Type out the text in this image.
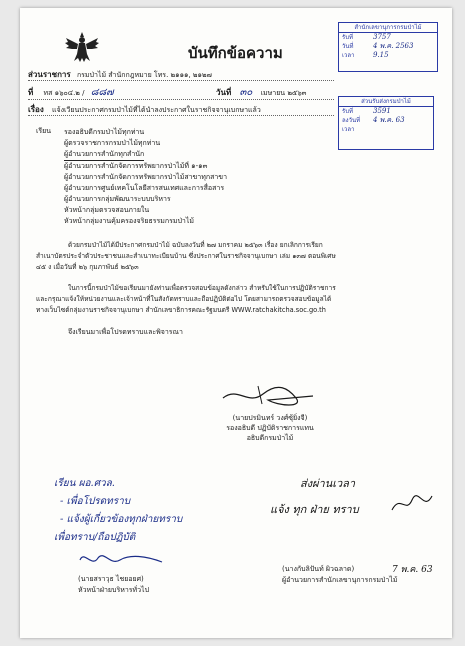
บันทึกข้อความ
สำนักเลขานุการกรมป่าไม้
รับที่	3757
วันที่	4 พ.ค. 2563
เวลา	9.15
ส่วนราชการ กรมป่าไม้ สำนักกฎหมาย โทร. ๒๑๑๑, ๒๑๒๗
ที่ ทส ๑๖๐๔.๒ / ๘๘๗	วันที่ ๓๐ เมษายน ๒๕๖๓
เรื่อง แจ้งเวียนประกาศกรมป่าไม้ที่ได้นำลงประกาศในราชกิจจานุเบกษาแล้ว
ส่วนรับส่งกรมป่าไม้
รับที่	3591
ลงวันที่ 4 พ.ค. 63
เวลา
เรียน รองอธิบดีกรมป่าไม้ทุกท่าน
ผู้ตรวจราชการกรมป่าไม้ทุกท่าน
ผู้อำนวยการสำนักทุกสำนัก
ผู้อำนวยการสำนักจัดการทรัพยากรป่าไม้ที่ ๑-๑๓
ผู้อำนวยการสำนักจัดการทรัพยากรป่าไม้สาขาทุกสาขา
ผู้อำนวยการศูนย์เทคโนโลยีสารสนเทศและการสื่อสาร
ผู้อำนวยการกลุ่มพัฒนาระบบบริหาร
หัวหน้ากลุ่มตรวจสอบภายใน
หัวหน้ากลุ่มงานคุ้มครองจริยธรรมกรมป่าไม้
ด้วยกรมป่าไม้ได้มีประกาศกรมป่าไม้ ฉบับลงวันที่ ๒๗ มกราคม ๒๕๖๓ เรื่อง ยกเลิกการเรียก
สำเนาบัตรประจำตัวประชาชนและสำเนาทะเบียนบ้าน ซึ่งประกาศในราชกิจจานุเบกษา เล่ม ๑๓๗ ตอนพิเศษ
๔๕ ง เมื่อวันที่ ๒๖ กุมภาพันธ์ ๒๕๖๓
ในการนี้กรมป่าไม้ขอเรียนมายังท่านเพื่อตรวจสอบข้อมูลดังกล่าว สำหรับใช้ในการปฏิบัติราชการ
และกรุณาแจ้งให้หน่วยงานและเจ้าหน้าที่ในสังกัดทราบและถือปฏิบัติต่อไป โดยสามารถตรวจสอบข้อมูลได้
ทางเว็บไซต์กลุ่มงานราชกิจจานุเบกษา สำนักเลขาธิการคณะรัฐมนตรี WWW.ratchakitcha.soc.go.th
จึงเรียนมาเพื่อโปรดทราบและพิจารณา
(นายปรมินทร์ วงศ์ซุ้ยิ่งจี)
รองอธิบดี ปฏิบัติราชการแทน
อธิบดีกรมป่าไม้
เรียน ผอ.ศวล.
- เพื่อโปรดทราบ
- แจ้งผู้เกี่ยวข้องทุกฝ่ายทราบ
เพื่อทราบ/ถือปฏิบัติ
ส่งผ่านเวลา
แจ้ง ทุก ฝ่าย ทราบ
(นายสราวุธ ไชยอยศ)
หัวหน้าฝ่ายบริหารทั่วไป
(นางกับลิปันท์ ผิวฉลาด)
ผู้อำนวยการสำนักเลขานุการกรมป่าไม้
7 พ.ค. 63
